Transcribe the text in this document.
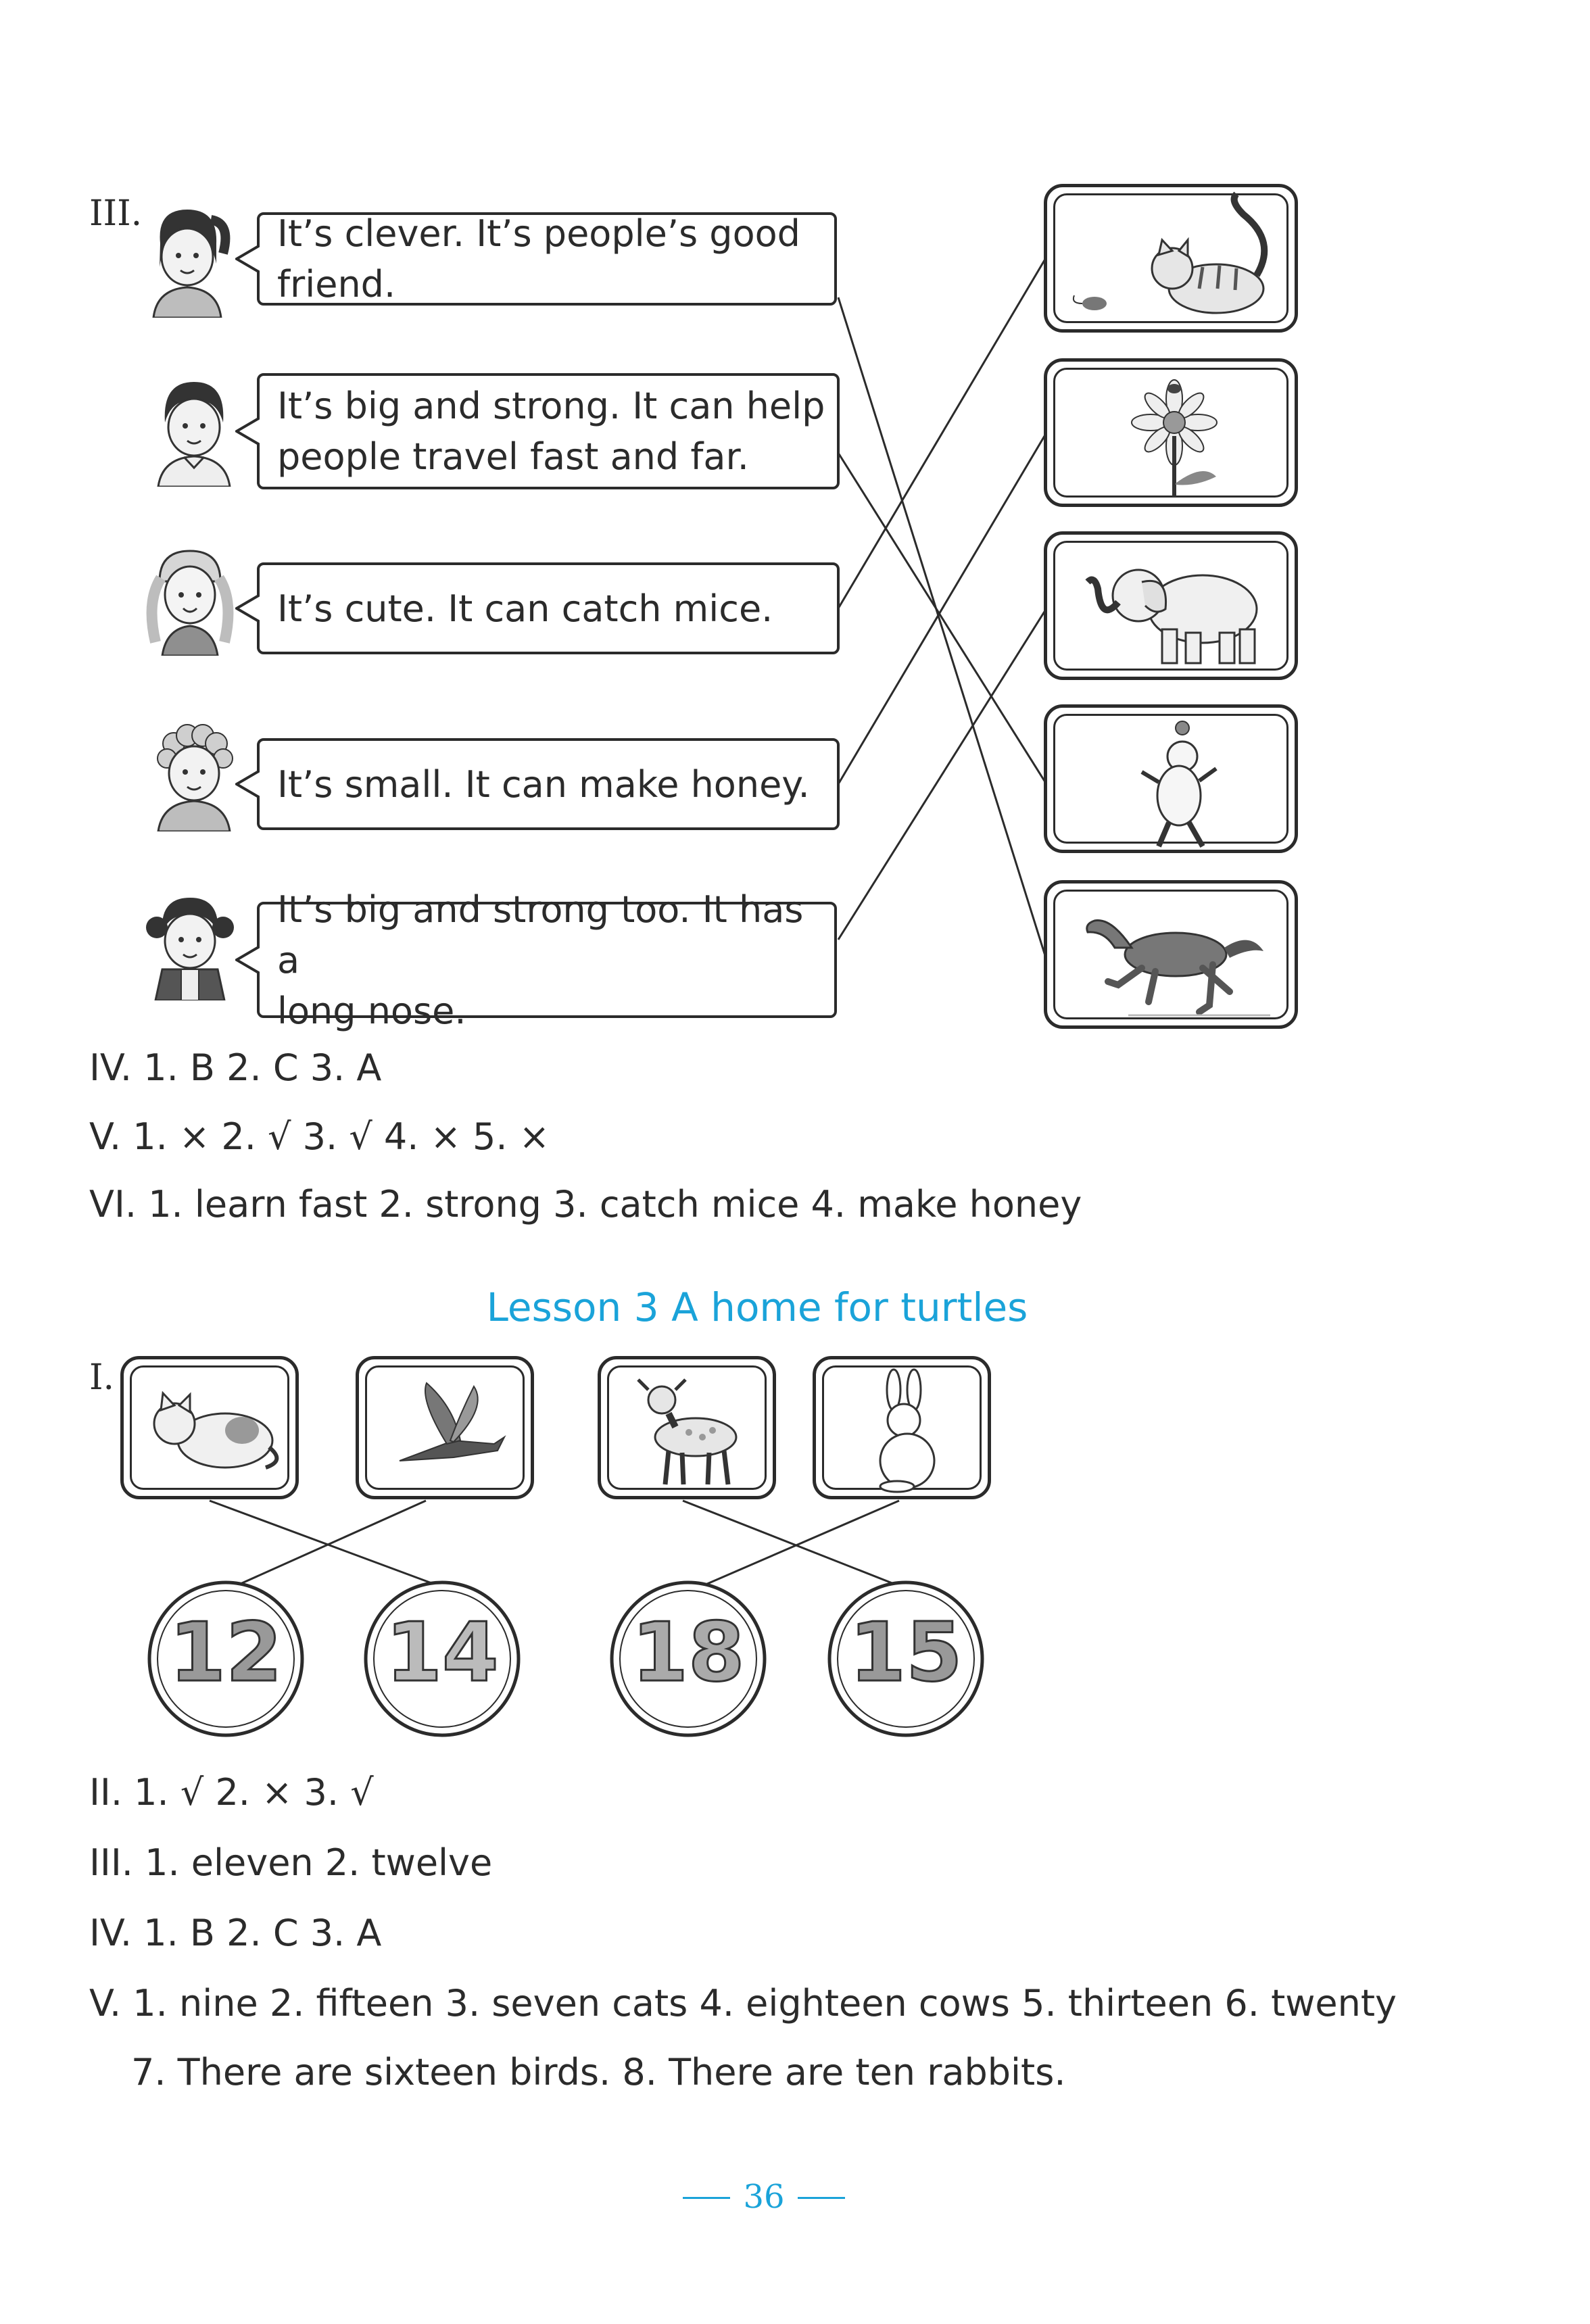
III.	It’s clever. It’s people’s good friend.
It’s big and strong. It can help
people travel fast and far.
It’s cute. It can catch mice.
It’s small. It can make honey.
It’s big and strong too. It has a
long nose.
IV. 1. B 2. C 3. A
V. 1. × 2. √ 3. √ 4. × 5. ×
VI. 1. learn fast 2. strong 3. catch mice 4. make honey
Lesson 3 A home for turtles
I.
12 14 18 15
II. 1. √ 2. × 3. √
III. 1. eleven 2. twelve
IV. 1. B 2. C 3. A
V. 1. nine 2. fifteen 3. seven cats 4. eighteen cows 5. thirteen 6. twenty
7. There are sixteen birds. 8. There are ten rabbits.
36
